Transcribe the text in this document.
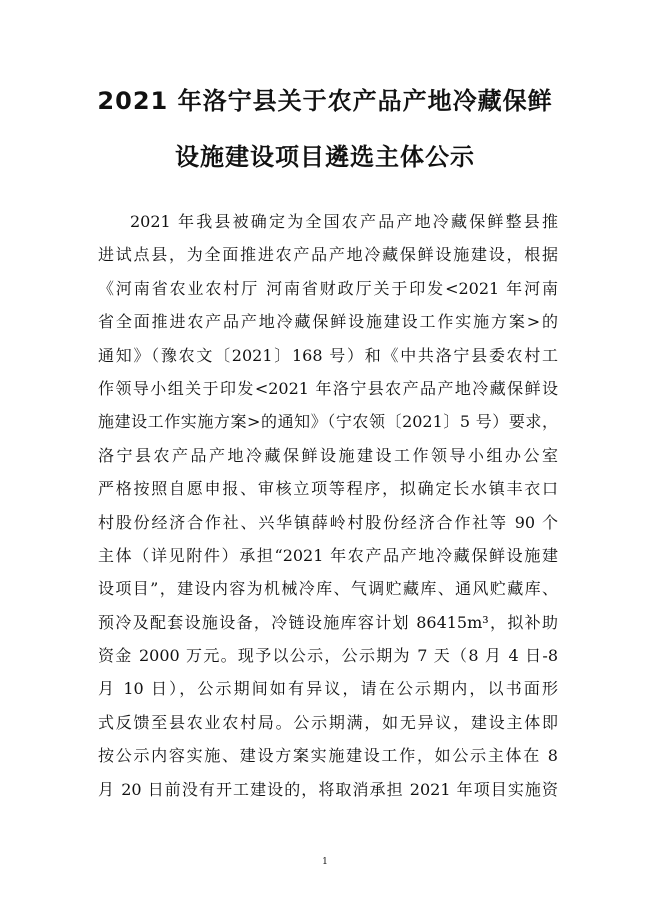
2021 年洛宁县关于农产品产地冷藏保鲜
设施建设项目遴选主体公示
2021 年我县被确定为全国农产品产地冷藏保鲜整县推
进试点县，为全面推进农产品产地冷藏保鲜设施建设，根据
《河南省农业农村厅 河南省财政厅关于印发<2021 年河南
省全面推进农产品产地冷藏保鲜设施建设工作实施方案>的
通知》（豫农文〔2021〕168 号）和《中共洛宁县委农村工
作领导小组关于印发<2021 年洛宁县农产品产地冷藏保鲜设
施建设工作实施方案>的通知》（宁农领〔2021〕5 号）要求，
洛宁县农产品产地冷藏保鲜设施建设工作领导小组办公室
严格按照自愿申报、审核立项等程序，拟确定长水镇丰衣口
村股份经济合作社、兴华镇薛岭村股份经济合作社等 90 个
主体（详见附件）承担“2021 年农产品产地冷藏保鲜设施建
设项目”，建设内容为机械冷库、气调贮藏库、通风贮藏库、
预冷及配套设施设备，冷链设施库容计划 86415m³，拟补助
资金 2000 万元。现予以公示，公示期为 7 天（8 月 4 日-8
月 10 日），公示期间如有异议，请在公示期内，以书面形
式反馈至县农业农村局。公示期满，如无异议，建设主体即
按公示内容实施、建设方案实施建设工作，如公示主体在 8
月 20 日前没有开工建设的，将取消承担 2021 年项目实施资
1
